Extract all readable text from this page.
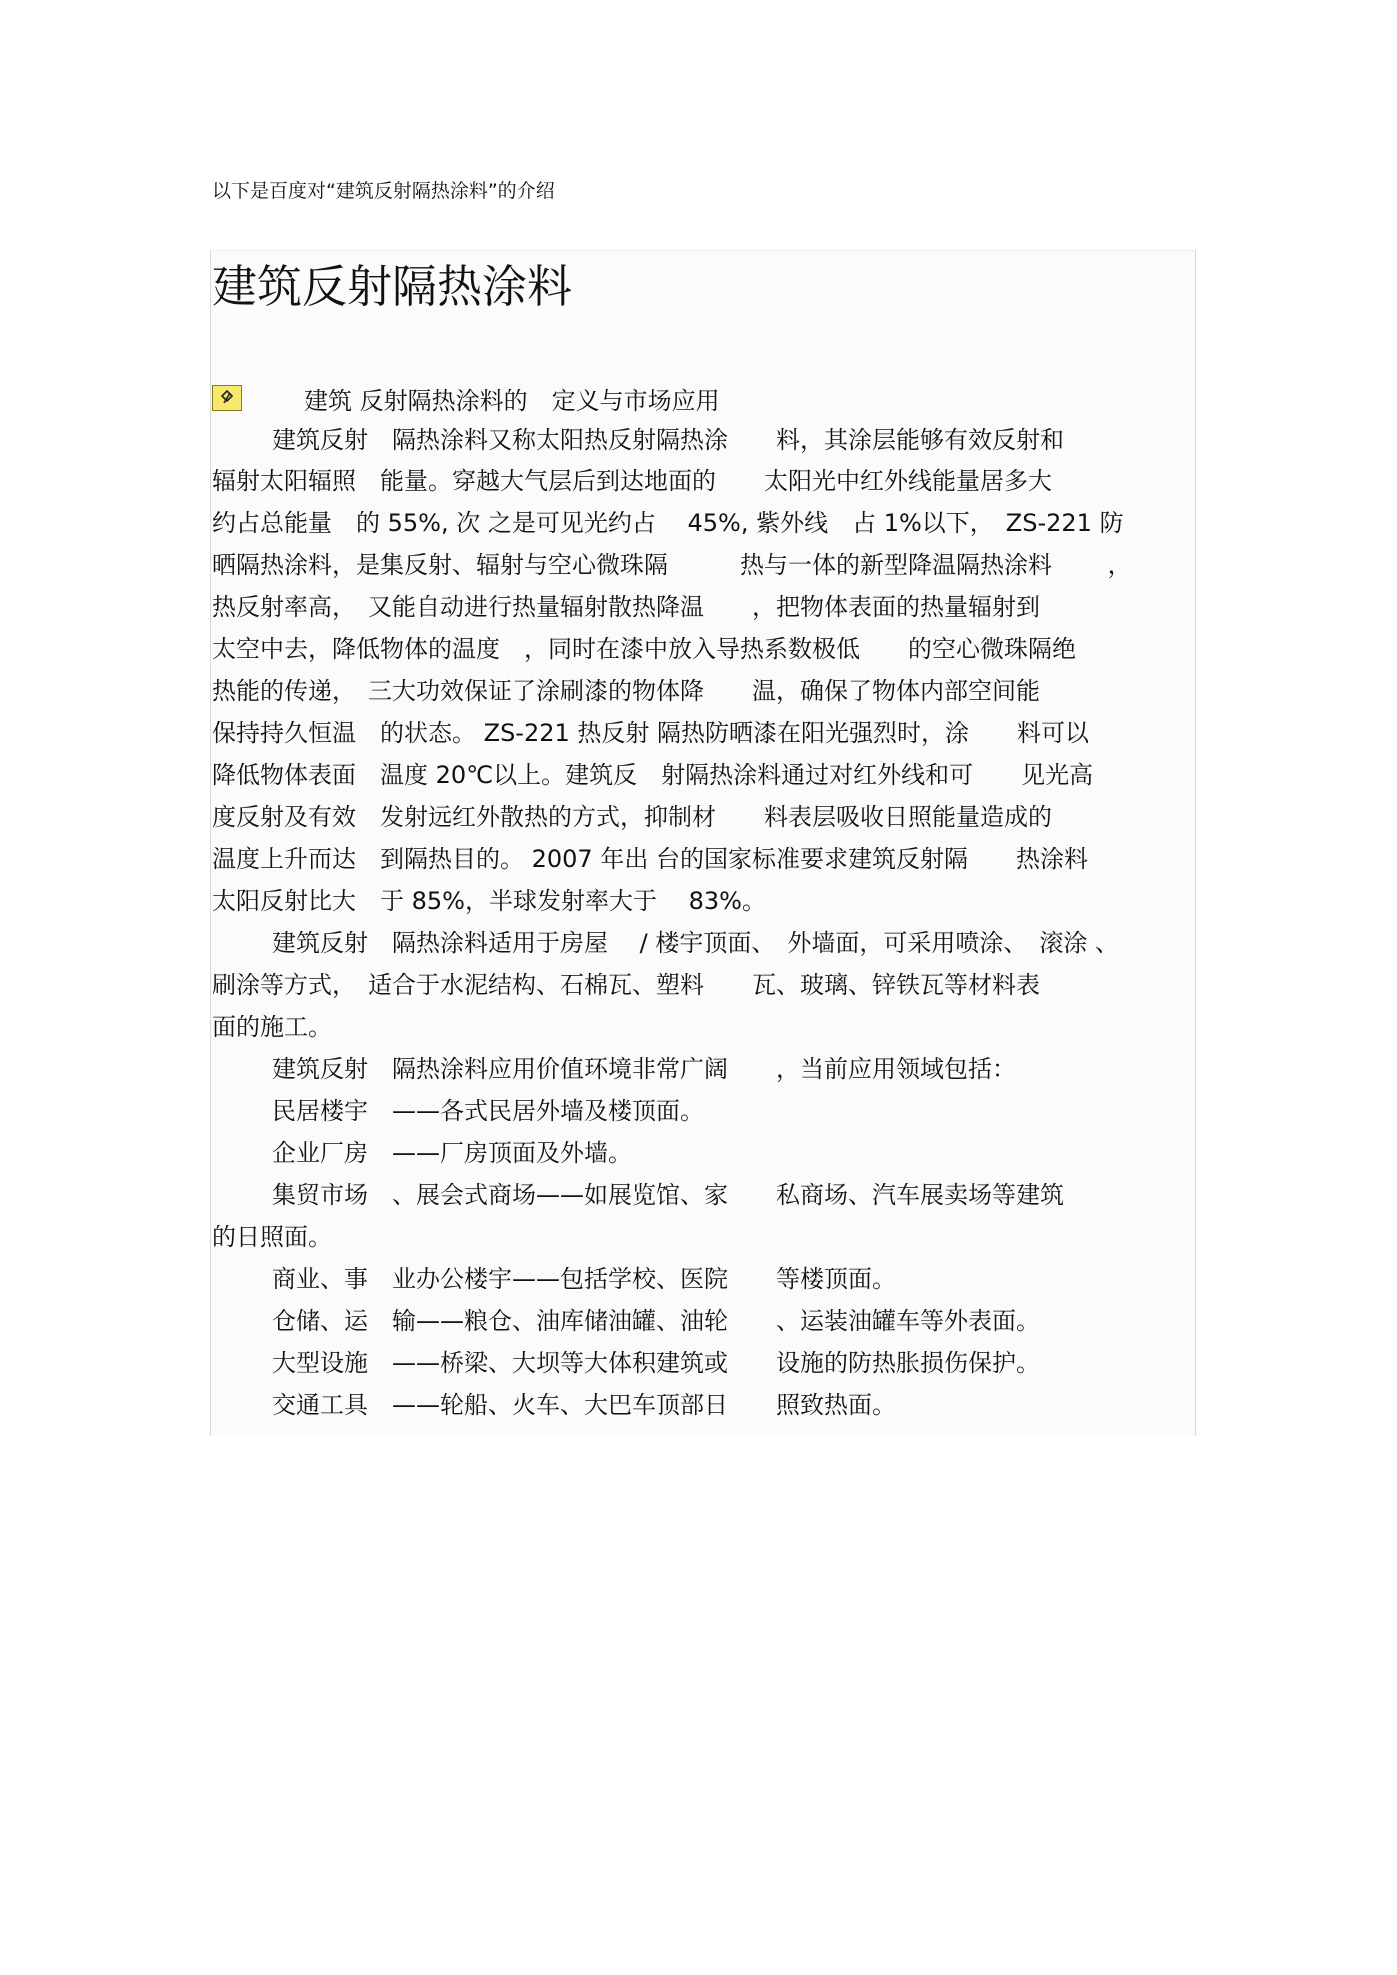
以下是百度对“建筑反射隔热涂料”的介绍
建筑反射隔热涂料
建筑 反射隔热涂料的　定义与市场应用
建筑反射　隔热涂料又称太阳热反射隔热涂　　料，其涂层能够有效反射和
辐射太阳辐照　能量。穿越大气层后到达地面的　　太阳光中红外线能量居多大
约占总能量　的 55%, 次 之是可见光约占　 45%, 紫外线　占 1%以下，　ZS-221 防
晒隔热涂料，是集反射、辐射与空心微珠隔　　　热与一体的新型降温隔热涂料　　 ，
热反射率高，　又能自动进行热量辐射散热降温　　，把物体表面的热量辐射到
太空中去，降低物体的温度　，同时在漆中放入导热系数极低　　的空心微珠隔绝
热能的传递，　三大功效保证了涂刷漆的物体降　　温，确保了物体内部空间能
保持持久恒温　的状态。 ZS-221 热反射 隔热防晒漆在阳光强烈时，涂　　料可以
降低物体表面　温度 20℃以上。建筑反　射隔热涂料通过对红外线和可　　见光高
度反射及有效　发射远红外散热的方式，抑制材　　料表层吸收日照能量造成的
温度上升而达　到隔热目的。 2007 年出 台的国家标准要求建筑反射隔　　热涂料
太阳反射比大　于 85%，半球发射率大于　 83%。
建筑反射　隔热涂料适用于房屋　 / 楼宇顶面、　外墙面，可采用喷涂、　滚涂 、
刷涂等方式，　适合于水泥结构、石棉瓦、塑料　　瓦、玻璃、锌铁瓦等材料表
面的施工。
建筑反射　隔热涂料应用价值环境非常广阔　　，当前应用领域包括：
民居楼宇　——各式民居外墙及楼顶面。
企业厂房　——厂房顶面及外墙。
集贸市场　、展会式商场——如展览馆、家　　私商场、汽车展卖场等建筑
的日照面。
商业、事　业办公楼宇——包括学校、医院　　等楼顶面。
仓储、运　输——粮仓、油库储油罐、油轮　　、运装油罐车等外表面。
大型设施　——桥梁、大坝等大体积建筑或　　设施的防热胀损伤保护。
交通工具　——轮船、火车、大巴车顶部日　　照致热面。
